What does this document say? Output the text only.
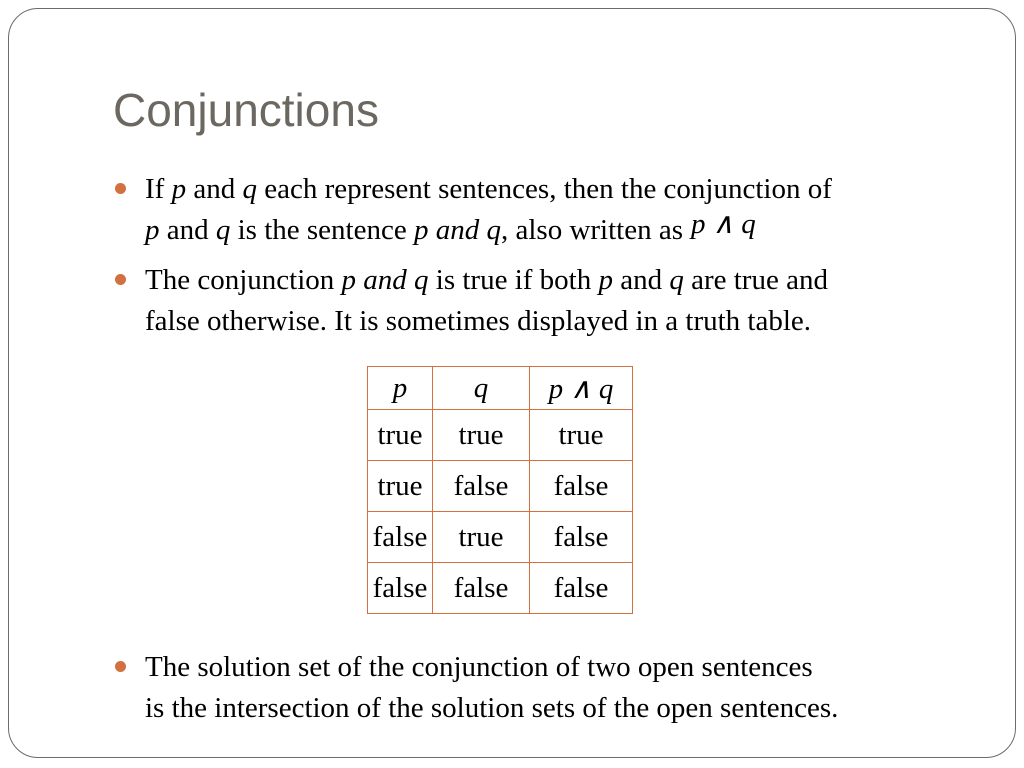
Conjunctions
If p and q each represent sentences, then the conjunction of
p and q is the sentence p and q, also written as p ∧ q
The conjunction p and q is true if both p and q are true and
false otherwise. It is sometimes displayed in a truth table.
p	q	p ∧ q
true	true	true
true	false	false
false	true	false
false	false	false
The solution set of the conjunction of two open sentences
is the intersection of the solution sets of the open sentences.
